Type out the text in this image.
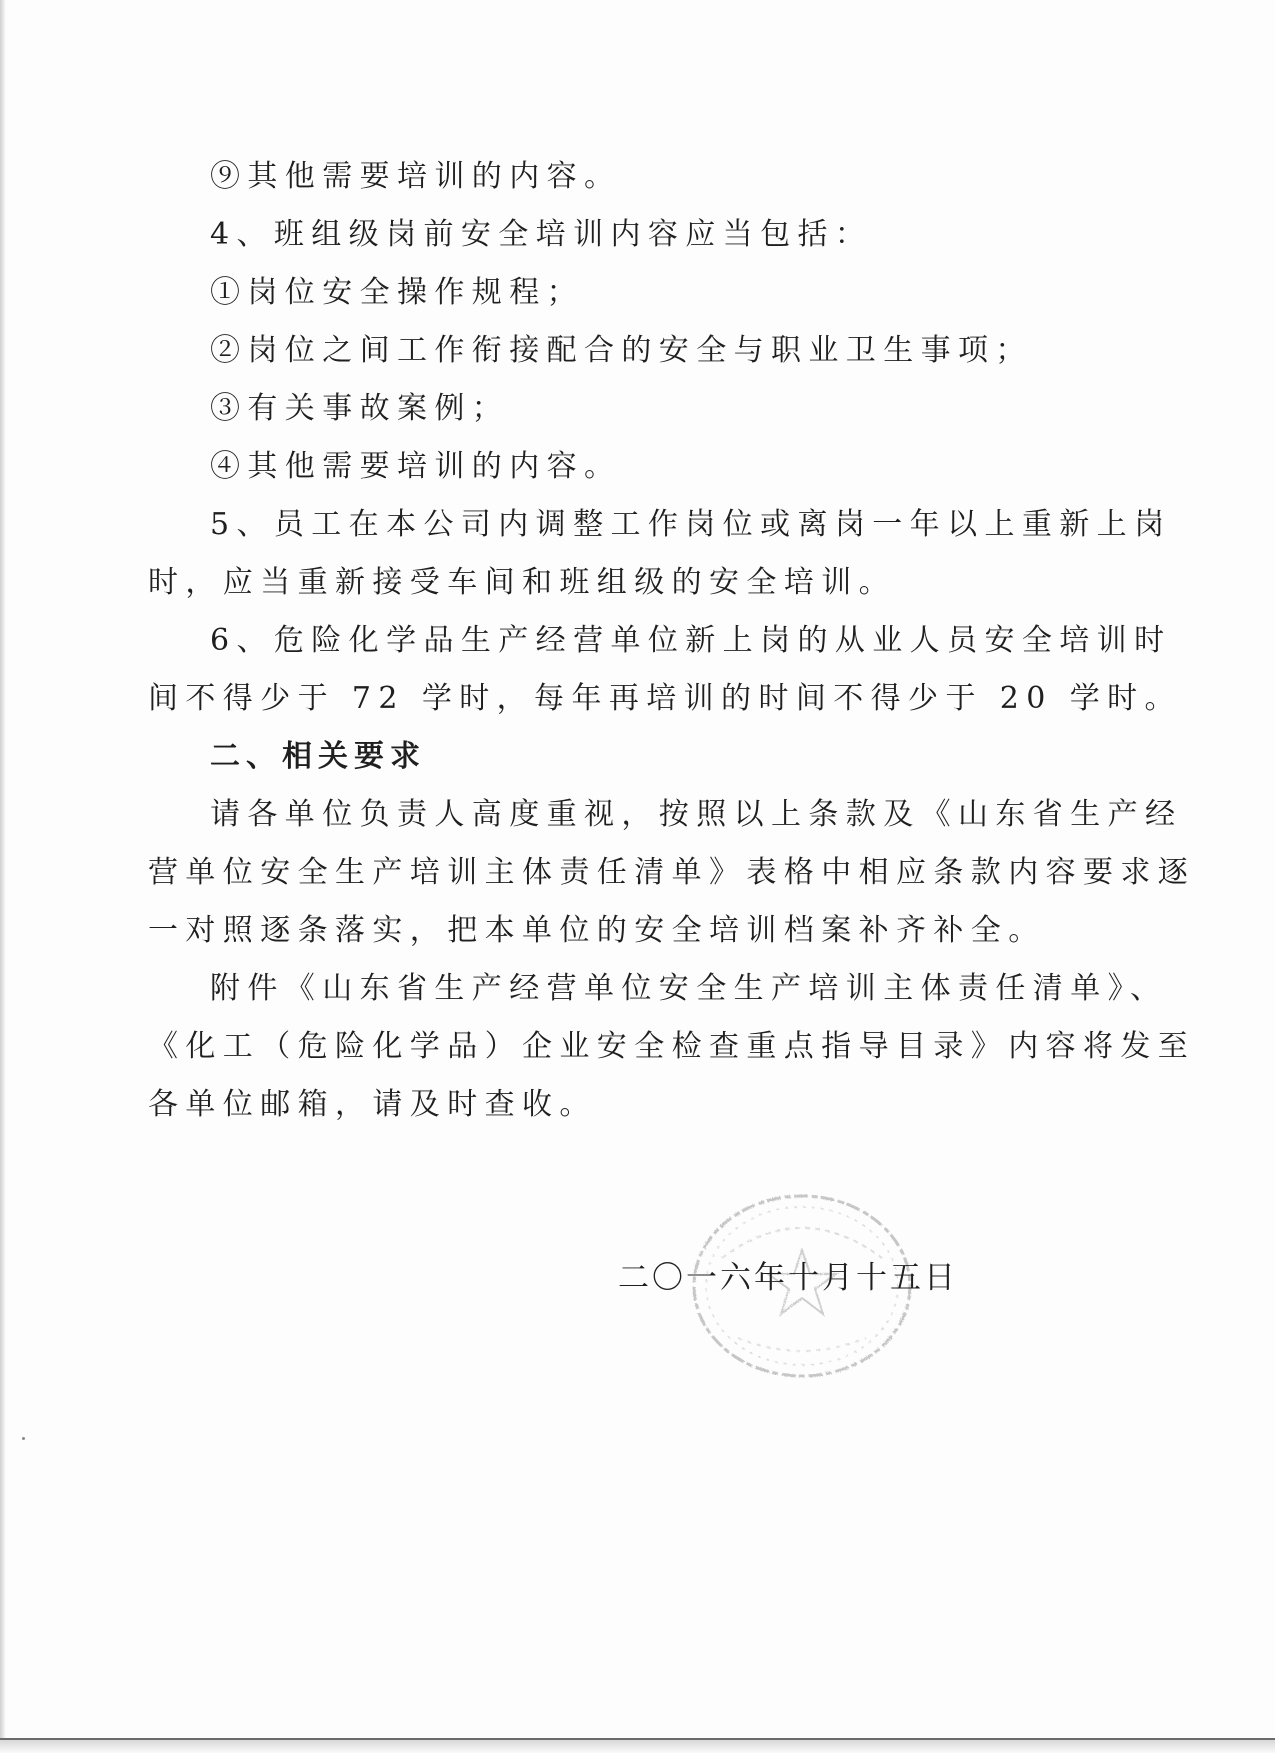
⑨其他需要培训的内容。
4、班组级岗前安全培训内容应当包括：
①岗位安全操作规程；
②岗位之间工作衔接配合的安全与职业卫生事项；
③有关事故案例；
④其他需要培训的内容。
5、员工在本公司内调整工作岗位或离岗一年以上重新上岗
时，应当重新接受车间和班组级的安全培训。
6、危险化学品生产经营单位新上岗的从业人员安全培训时
间不得少于 72 学时，每年再培训的时间不得少于 20 学时。
二、相关要求
请各单位负责人高度重视，按照以上条款及《山东省生产经
营单位安全生产培训主体责任清单》表格中相应条款内容要求逐
一对照逐条落实，把本单位的安全培训档案补齐补全。
附件《山东省生产经营单位安全生产培训主体责任清单》、
《化工（危险化学品）企业安全检查重点指导目录》内容将发至
各单位邮箱，请及时查收。
二〇一六年十月十五日
